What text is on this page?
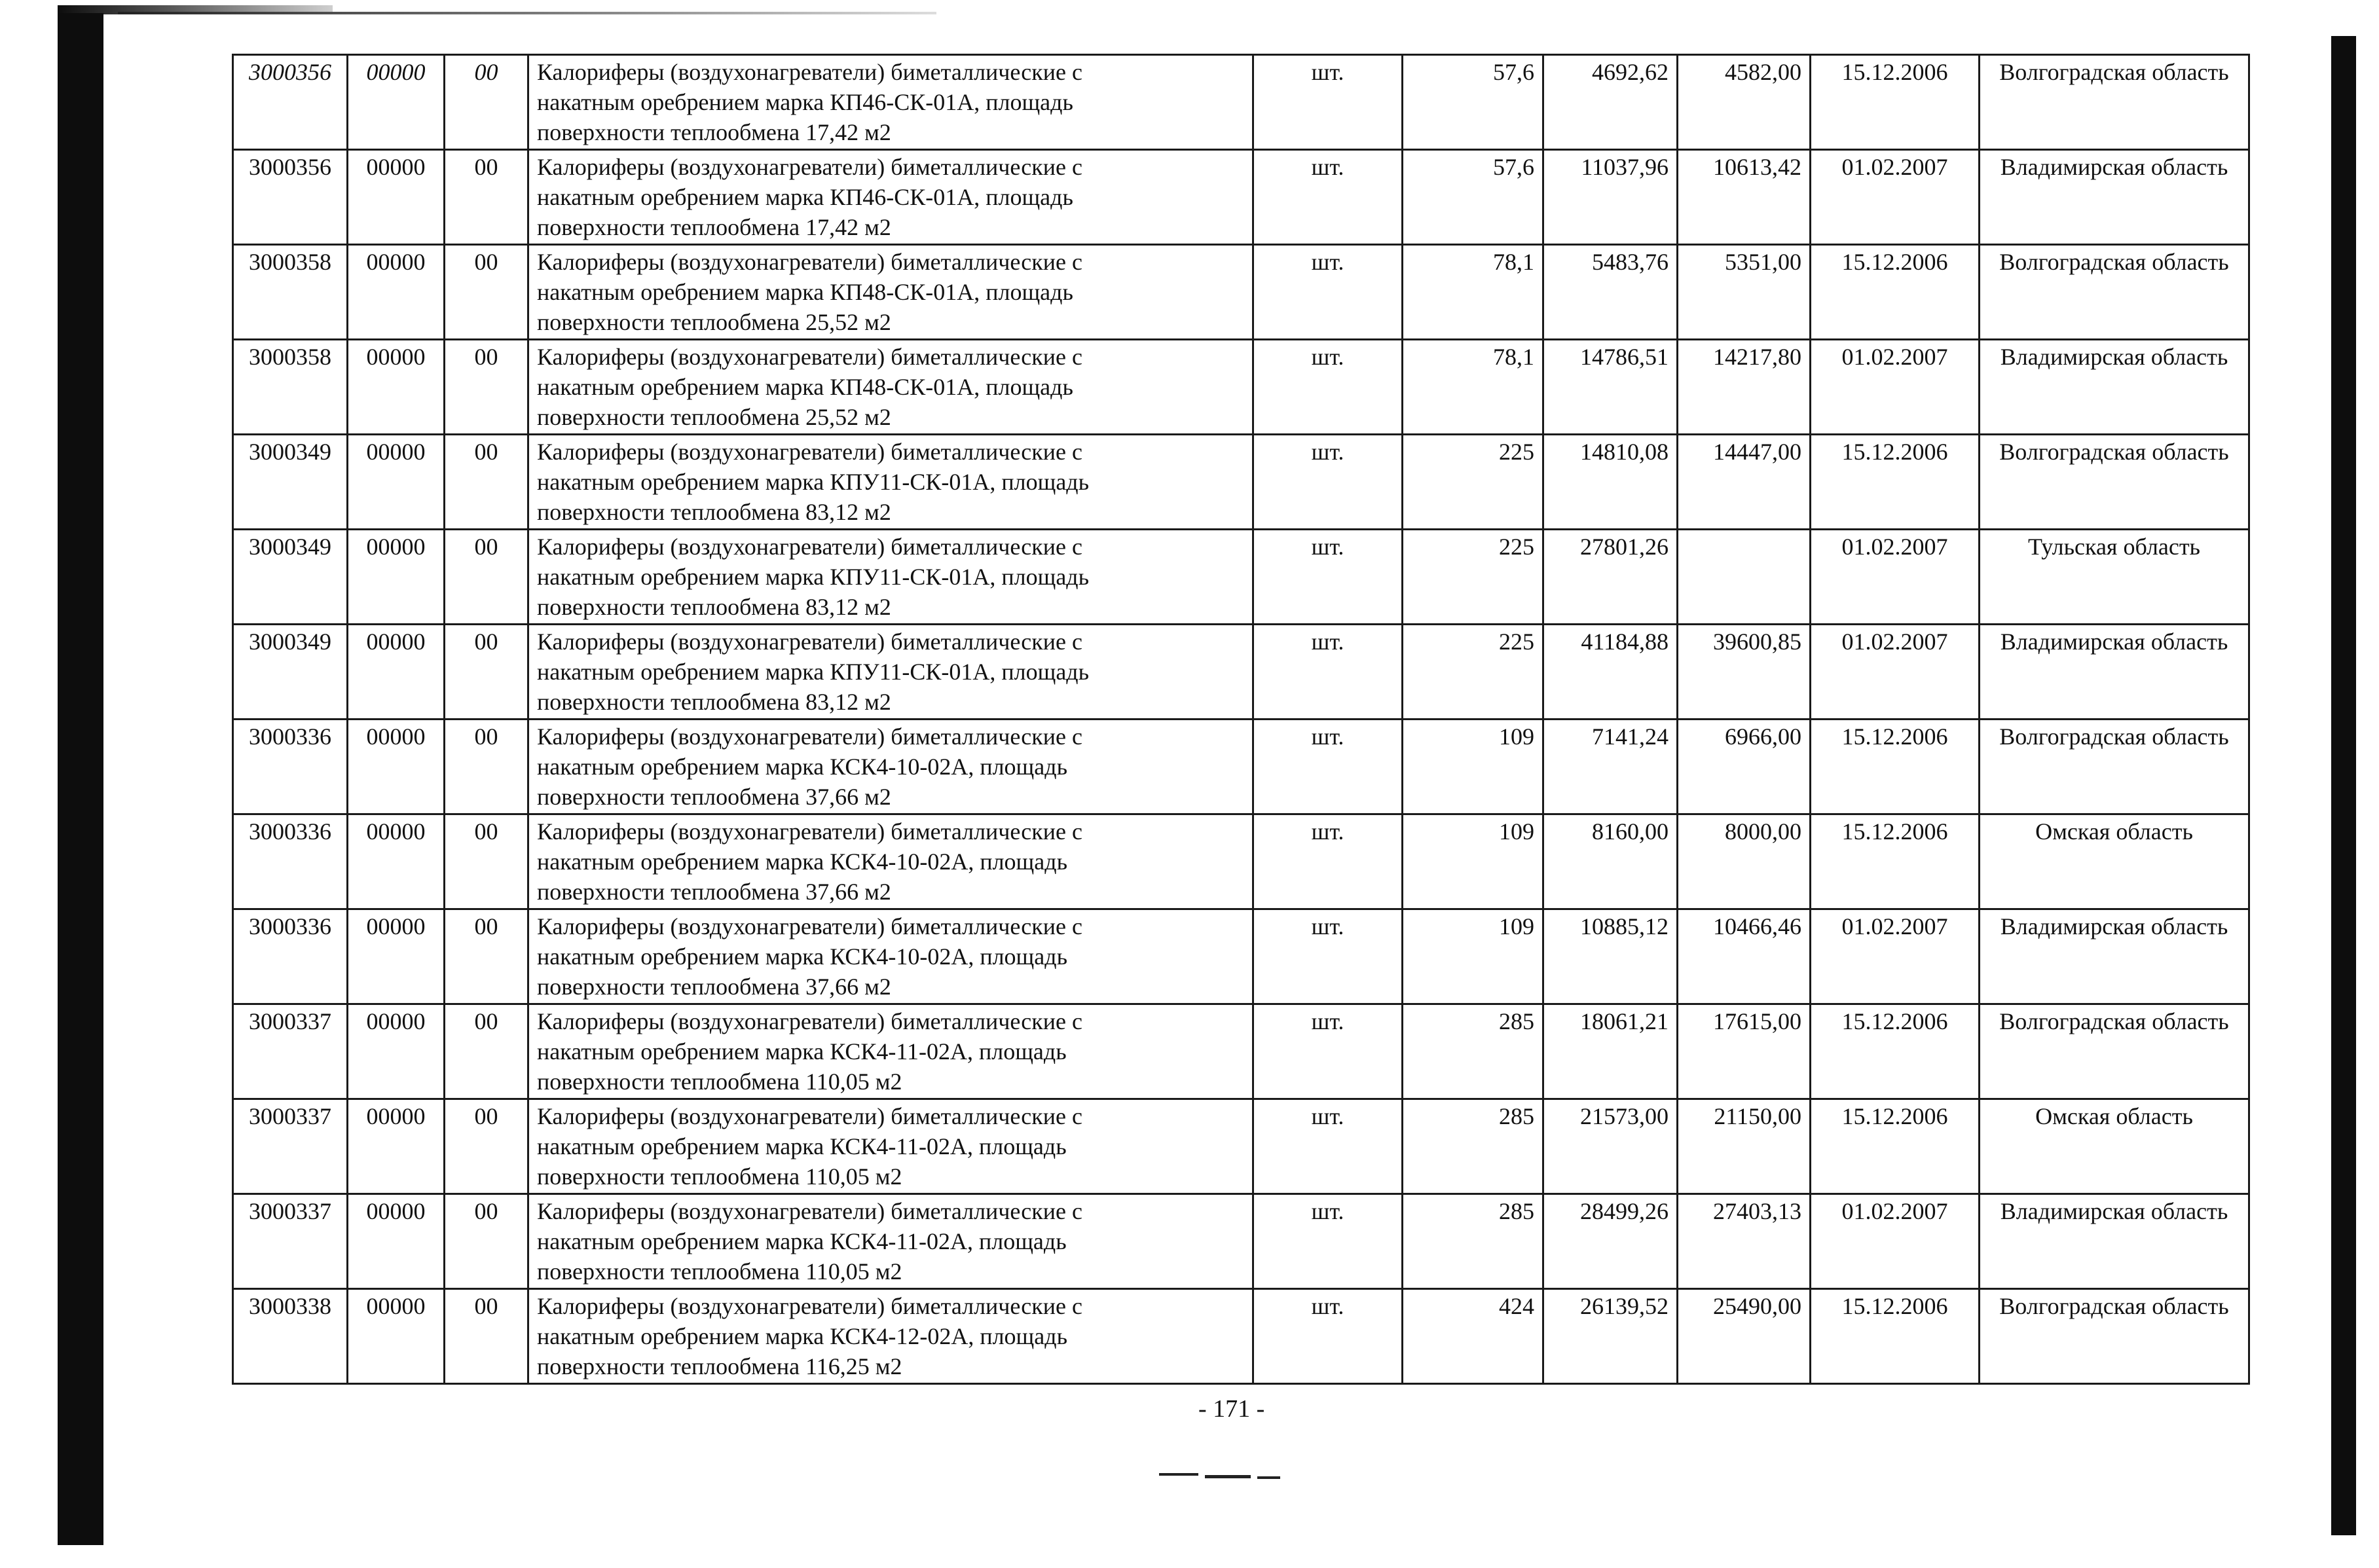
3000356	00000	00	Калориферы (воздухонагреватели) биметаллические с
накатным оребрением марка КП46-СК-01А, площадь
поверхности теплообмена 17,42 м2	шт.	57,6	4692,62	4582,00	15.12.2006	Волгоградская область
3000356	00000	00	Калориферы (воздухонагреватели) биметаллические с
накатным оребрением марка КП46-СК-01А, площадь
поверхности теплообмена 17,42 м2	шт.	57,6	11037,96	10613,42	01.02.2007	Владимирская область
3000358	00000	00	Калориферы (воздухонагреватели) биметаллические с
накатным оребрением марка КП48-СК-01А, площадь
поверхности теплообмена 25,52 м2	шт.	78,1	5483,76	5351,00	15.12.2006	Волгоградская область
3000358	00000	00	Калориферы (воздухонагреватели) биметаллические с
накатным оребрением марка КП48-СК-01А, площадь
поверхности теплообмена 25,52 м2	шт.	78,1	14786,51	14217,80	01.02.2007	Владимирская область
3000349	00000	00	Калориферы (воздухонагреватели) биметаллические с
накатным оребрением марка КПУ11-СК-01А, площадь
поверхности теплообмена 83,12 м2	шт.	225	14810,08	14447,00	15.12.2006	Волгоградская область
3000349	00000	00	Калориферы (воздухонагреватели) биметаллические с
накатным оребрением марка КПУ11-СК-01А, площадь
поверхности теплообмена 83,12 м2	шт.	225	27801,26		01.02.2007	Тульская область
3000349	00000	00	Калориферы (воздухонагреватели) биметаллические с
накатным оребрением марка КПУ11-СК-01А, площадь
поверхности теплообмена 83,12 м2	шт.	225	41184,88	39600,85	01.02.2007	Владимирская область
3000336	00000	00	Калориферы (воздухонагреватели) биметаллические с
накатным оребрением марка КСК4-10-02А, площадь
поверхности теплообмена 37,66 м2	шт.	109	7141,24	6966,00	15.12.2006	Волгоградская область
3000336	00000	00	Калориферы (воздухонагреватели) биметаллические с
накатным оребрением марка КСК4-10-02А, площадь
поверхности теплообмена 37,66 м2	шт.	109	8160,00	8000,00	15.12.2006	Омская область
3000336	00000	00	Калориферы (воздухонагреватели) биметаллические с
накатным оребрением марка КСК4-10-02А, площадь
поверхности теплообмена 37,66 м2	шт.	109	10885,12	10466,46	01.02.2007	Владимирская область
3000337	00000	00	Калориферы (воздухонагреватели) биметаллические с
накатным оребрением марка КСК4-11-02А, площадь
поверхности теплообмена 110,05 м2	шт.	285	18061,21	17615,00	15.12.2006	Волгоградская область
3000337	00000	00	Калориферы (воздухонагреватели) биметаллические с
накатным оребрением марка КСК4-11-02А, площадь
поверхности теплообмена 110,05 м2	шт.	285	21573,00	21150,00	15.12.2006	Омская область
3000337	00000	00	Калориферы (воздухонагреватели) биметаллические с
накатным оребрением марка КСК4-11-02А, площадь
поверхности теплообмена 110,05 м2	шт.	285	28499,26	27403,13	01.02.2007	Владимирская область
3000338	00000	00	Калориферы (воздухонагреватели) биметаллические с
накатным оребрением марка КСК4-12-02А, площадь
поверхности теплообмена 116,25 м2	шт.	424	26139,52	25490,00	15.12.2006	Волгоградская область
- 171 -
